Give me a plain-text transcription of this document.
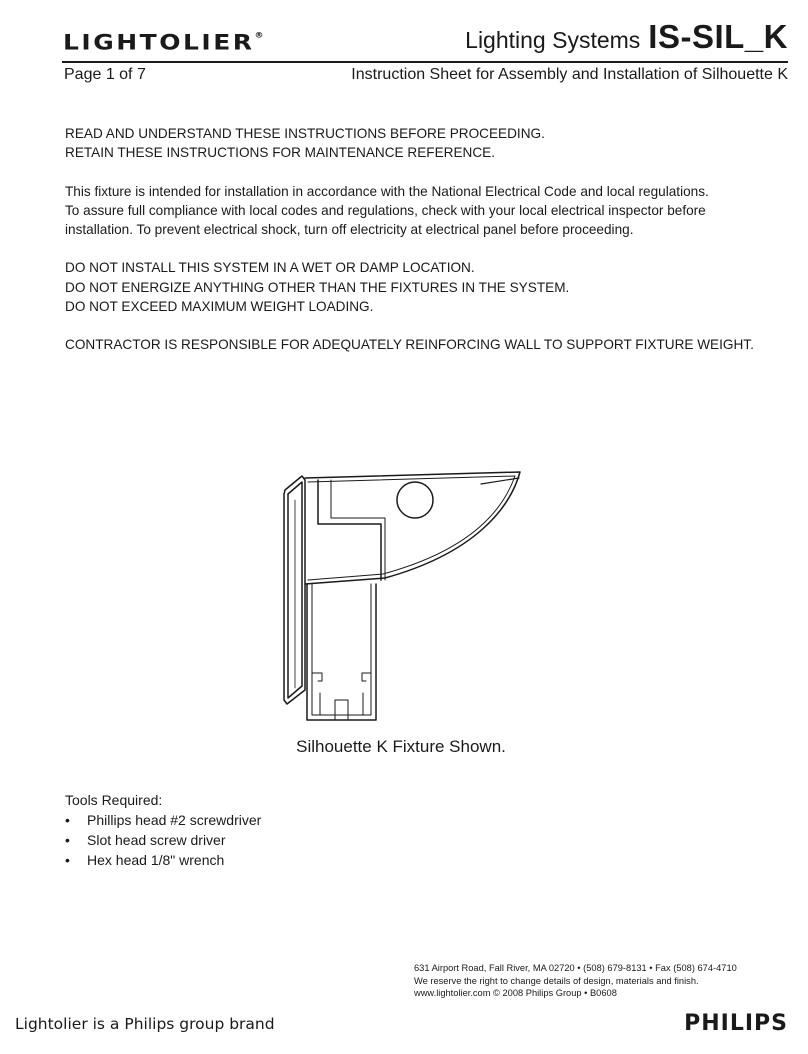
LIGHTOLIER®	Lighting Systems IS-SIL_K
Page 1 of 7	Instruction Sheet for Assembly and Installation of Silhouette K

READ AND UNDERSTAND THESE INSTRUCTIONS BEFORE PROCEEDING.
RETAIN THESE INSTRUCTIONS FOR MAINTENANCE REFERENCE.

This fixture is intended for installation in accordance with the National Electrical Code and local regulations.
To assure full compliance with local codes and regulations, check with your local electrical inspector before
installation. To prevent electrical shock, turn off electricity at electrical panel before proceeding.

DO NOT INSTALL THIS SYSTEM IN A WET OR DAMP LOCATION.
DO NOT ENERGIZE ANYTHING OTHER THAN THE FIXTURES IN THE SYSTEM.
DO NOT EXCEED MAXIMUM WEIGHT LOADING.

CONTRACTOR IS RESPONSIBLE FOR ADEQUATELY REINFORCING WALL TO SUPPORT FIXTURE WEIGHT.

Silhouette K Fixture Shown.
Tools Required:
• Phillips head #2 screwdriver
• Slot head screw driver
• Hex head 1/8" wrench
631 Airport Road, Fall River, MA 02720 • (508) 679-8131 • Fax (508) 674-4710
We reserve the right to change details of design, materials and finish.
www.lightolier.com © 2008 Philips Group • B0608
Lightolier is a Philips group brand	PHILIPS
